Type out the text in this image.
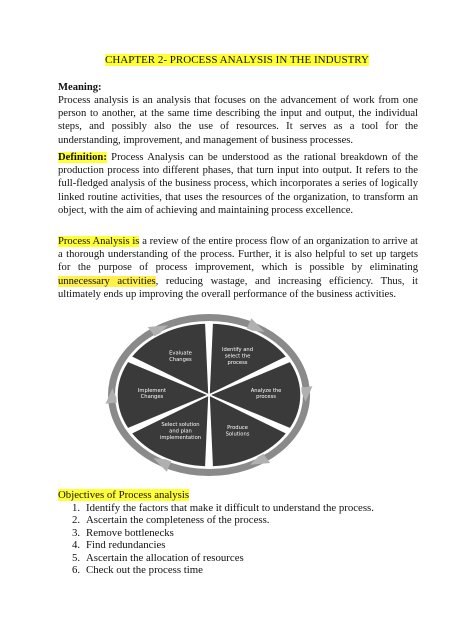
CHAPTER 2- PROCESS ANALYSIS IN THE INDUSTRY
Meaning:
Process analysis is an analysis that focuses on the advancement of work from one person to another, at the same time describing the input and output, the individual steps, and possibly also the use of resources. It serves as a tool for the understanding, improvement, and management of business processes.
Definition: Process Analysis can be understood as the rational breakdown of the production process into different phases, that turn input into output. It refers to the full-fledged analysis of the business process, which incorporates a series of logically linked routine activities, that uses the resources of the organization, to transform an object, with the aim of achieving and maintaining process excellence.
Process Analysis is a review of the entire process flow of an organization to arrive at a thorough understanding of the process. Further, it is also helpful to set up targets for the purpose of process improvement, which is possible by eliminating unnecessary activities, reducing wastage, and increasing efficiency. Thus, it ultimately ends up improving the overall performance of the business activities.
Identify and select the process
Analyze the process
Produce Solutions
Select solution and plan implementation
Implement Changes
Evaluate Changes
Objectives of Process analysis
1. Identify the factors that make it difficult to understand the process.
2. Ascertain the completeness of the process.
3. Remove bottlenecks
4. Find redundancies
5. Ascertain the allocation of resources
6. Check out the process time
